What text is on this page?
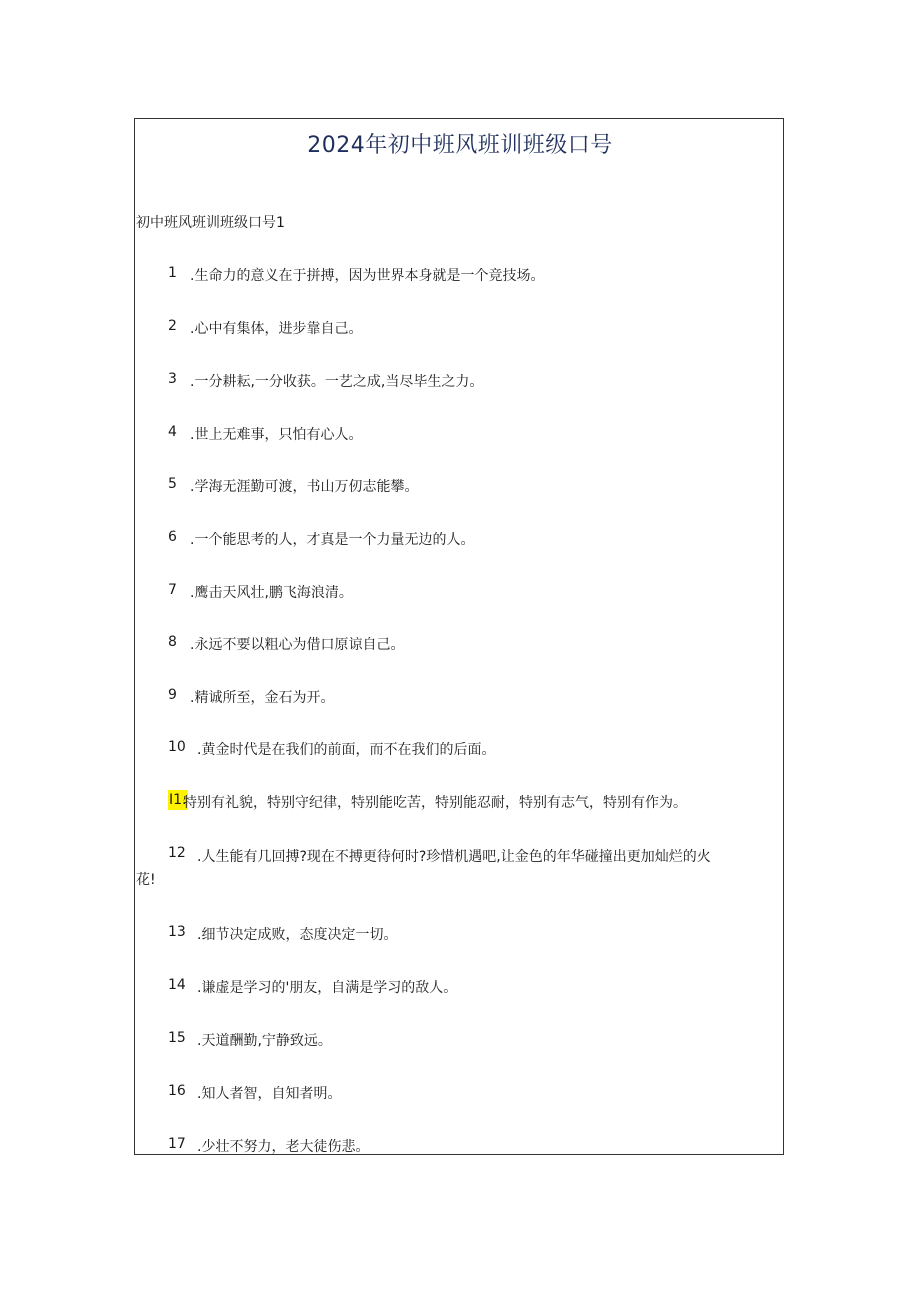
2024年初中班风班训班级口号
初中班风班训班级口号1
1 .生命力的意义在于拼搏，因为世界本身就是一个竞技场。
2 .心中有集体，进步靠自己。
3 .一分耕耘,一分收获。一艺之成,当尽毕生之力。
4 .世上无难事，只怕有心人。
5 .学海无涯勤可渡，书山万仞志能攀。
6 .一个能思考的人，才真是一个力量无边的人。
7 .鹰击天风壮,鹏飞海浪清。
8 .永远不要以粗心为借口原谅自己。
9 .精诚所至，金石为开。
10 .黄金时代是在我们的前面，而不在我们的后面。
I1.
特别有礼貌，特别守纪律，特别能吃苦，特别能忍耐，特别有志气，特别有作为。
12 .人生能有几回搏?现在不搏更待何时?珍惜机遇吧,让金色的年华碰撞出更加灿烂的火
花!
13 .细节决定成败，态度决定一切。
14 .谦虚是学习的'朋友，自满是学习的敌人。
15 .天道酬勤,宁静致远。
16 .知人者智，自知者明。
17 .少壮不努力，老大徒伤悲。
